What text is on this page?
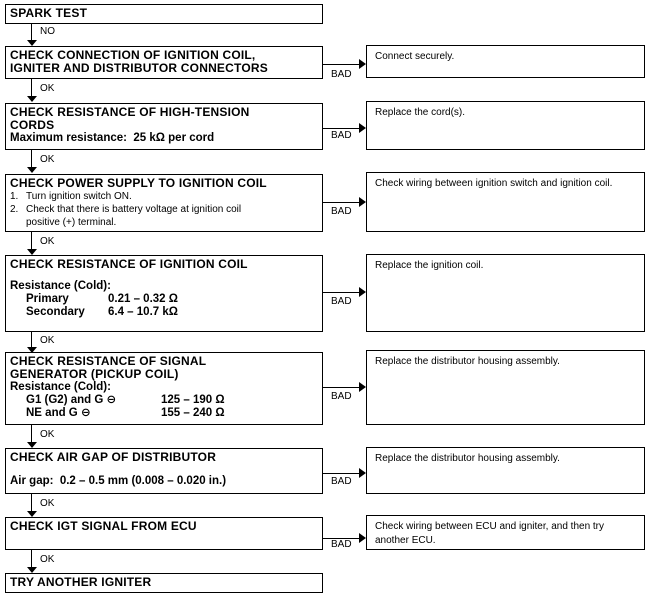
SPARK TEST
NO
CHECK CONNECTION OF IGNITION COIL,
IGNITER AND DISTRIBUTOR CONNECTORS	BAD
Connect securely.
OK
CHECK RESISTANCE OF HIGH-TENSION
CORDS
Maximum resistance: 25 kΩ per cord	BAD
Replace the cord(s).
OK
CHECK POWER SUPPLY TO IGNITION COIL
1. Turn ignition switch ON.
2. Check that there is battery voltage at ignition coil
positive (+) terminal.
BAD
Check wiring between ignition switch and ignition coil.
OK
CHECK RESISTANCE OF IGNITION COIL
Resistance (Cold):
Primary	0.21 – 0.32 Ω
Secondary 6.4 – 10.7 kΩ
BAD
Replace the ignition coil.
OK
CHECK RESISTANCE OF SIGNAL
GENERATOR (PICKUP COIL)
Resistance (Cold):
G1 (G2) and G ⊖	125 – 190 Ω
NE and G ⊖	155 – 240 Ω
BAD
Replace the distributor housing assembly.
OK
CHECK AIR GAP OF DISTRIBUTOR
Air gap: 0.2 – 0.5 mm (0.008 – 0.020 in.)	BAD
Replace the distributor housing assembly.
OK
CHECK IGT SIGNAL FROM ECU
BAD
Check wiring between ECU and igniter, and then try another ECU.
OK
TRY ANOTHER IGNITER
